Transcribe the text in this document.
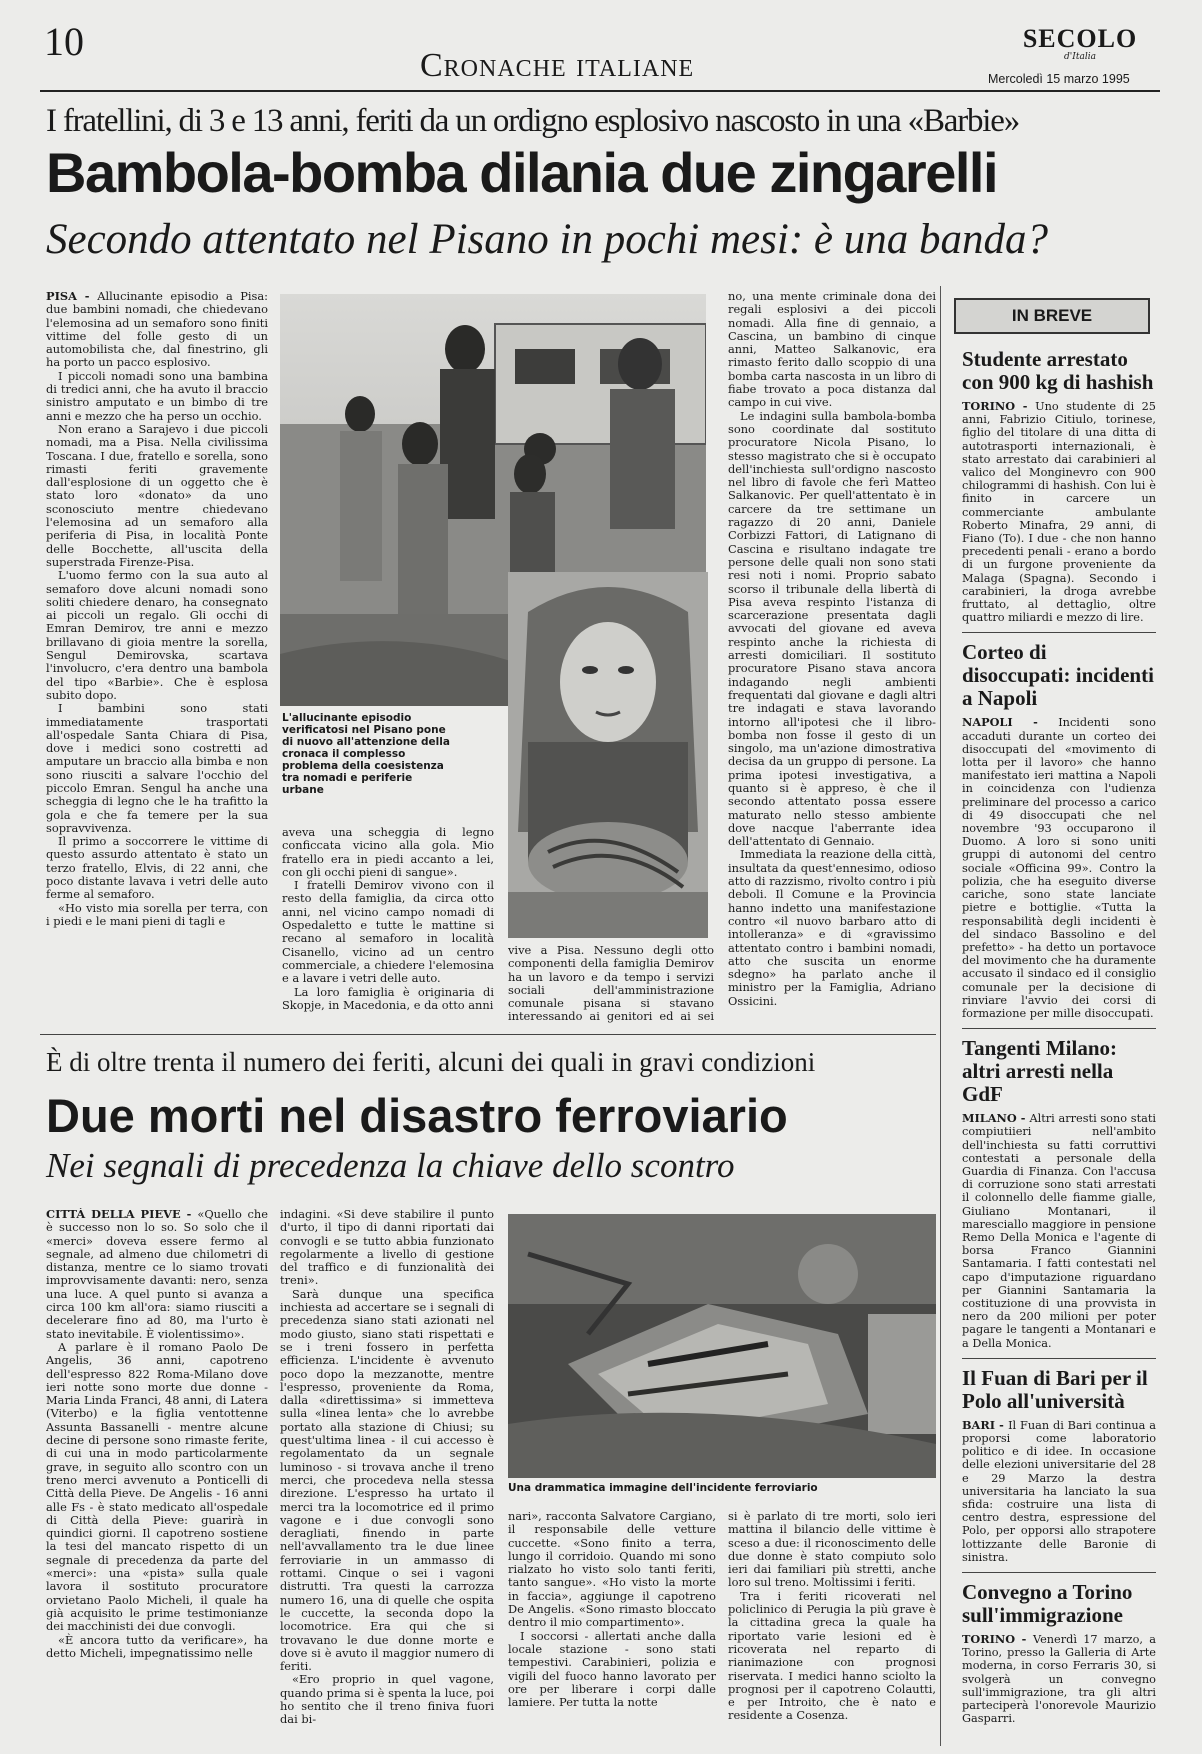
10
Cronache italiane
SECOLO
d'Italia
Mercoledì 15 marzo 1995
I fratellini, di 3 e 13 anni, feriti da un ordigno esplosivo nascosto in una «Barbie»
Bambola-bomba dilania due zingarelli
Secondo attentato nel Pisano in pochi mesi: è una banda?

PISA - Allucinante episodio a Pisa: due bambini nomadi, che chiedevano l'elemosina ad un semaforo sono finiti vittime del folle gesto di un automobilista che, dal finestrino, gli ha porto un pacco esplosivo.

I piccoli nomadi sono una bambina di tredici anni, che ha avuto il braccio sinistro amputato e un bimbo di tre anni e mezzo che ha perso un occhio.

Non erano a Sarajevo i due piccoli nomadi, ma a Pisa. Nella civilissima Toscana. I due, fratello e sorella, sono rimasti feriti gravemente dall'esplosione di un oggetto che è stato loro «donato» da uno sconosciuto mentre chiedevano l'elemosina ad un semaforo alla periferia di Pisa, in località Ponte delle Bocchette, all'uscita della superstrada Firenze-Pisa.

L'uomo fermo con la sua auto al semaforo dove alcuni nomadi sono soliti chiedere denaro, ha consegnato ai piccoli un regalo. Gli occhi di Emran Demirov, tre anni e mezzo brillavano di gioia mentre la sorella, Sengul Demirovska, scartava l'involucro, c'era dentro una bambola del tipo «Barbie». Che è esplosa subito dopo.

I bambini sono stati immediatamente trasportati all'ospedale Santa Chiara di Pisa, dove i medici sono costretti ad amputare un braccio alla bimba e non sono riusciti a salvare l'occhio del piccolo Emran. Sengul ha anche una scheggia di legno che le ha trafitto la gola e che fa temere per la sua sopravvivenza.

Il primo a soccorrere le vittime di questo assurdo attentato è stato un terzo fratello, Elvis, di 22 anni, che poco distante lavava i vetri delle auto ferme al semaforo.

«Ho visto mia sorella per terra, con i piedi e le mani pieni di tagli e

L'allucinante episodio verificatosi nel Pisano pone di nuovo all'attenzione della cronaca il complesso problema della coesistenza tra nomadi e periferie urbane

aveva una scheggia di legno conficcata vicino alla gola. Mio fratello era in piedi accanto a lei, con gli occhi pieni di sangue».

I fratelli Demirov vivono con il resto della famiglia, da circa otto anni, nel vicino campo nomadi di Ospedaletto e tutte le mattine si recano al semaforo in località Cisanello, vicino ad un centro commerciale, a chiedere l'elemosina e a lavare i vetri delle auto.

La loro famiglia è originaria di Skopje, in Macedonia, e da otto anni

vive a Pisa. Nessuno degli otto componenti della famiglia Demirov ha un lavoro e da tempo i servizi sociali dell'amministrazione comunale pisana si stavano interessando ai genitori ed ai sei

no, una mente criminale dona dei regali esplosivi a dei piccoli nomadi. Alla fine di gennaio, a Cascina, un bambino di cinque anni, Matteo Salkanovic, era rimasto ferito dallo scoppio di una bomba carta nascosta in un libro di fiabe trovato a poca distanza dal campo in cui vive.

Le indagini sulla bambola-bomba sono coordinate dal sostituto procuratore Nicola Pisano, lo stesso magistrato che si è occupato dell'inchiesta sull'ordigno nascosto nel libro di favole che ferì Matteo Salkanovic. Per quell'attentato è in carcere da tre settimane un ragazzo di 20 anni, Daniele Corbizzi Fattori, di Latignano di Cascina e risultano indagate tre persone delle quali non sono stati resi noti i nomi. Proprio sabato scorso il tribunale della libertà di Pisa aveva respinto l'istanza di scarcerazione presentata dagli avvocati del giovane ed aveva respinto anche la richiesta di arresti domiciliari. Il sostituto procuratore Pisano stava ancora indagando negli ambienti frequentati dal giovane e dagli altri tre indagati e stava lavorando intorno all'ipotesi che il libro-bomba non fosse il gesto di un singolo, ma un'azione dimostrativa decisa da un gruppo di persone. La prima ipotesi investigativa, a quanto si è appreso, è che il secondo attentato possa essere maturato nello stesso ambiente dove nacque l'aberrante idea dell'attentato di Gennaio.

Immediata la reazione della città, insultata da quest'ennesimo, odioso atto di razzismo, rivolto contro i più deboli. Il Comune e la Provincia hanno indetto una manifestazione contro «il nuovo barbaro atto di intolleranza» e di «gravissimo attentato contro i bambini nomadi, atto che suscita un enorme sdegno» ha parlato anche il ministro per la Famiglia, Adriano Ossicini.

È di oltre trenta il numero dei feriti, alcuni dei quali in gravi condizioni
Due morti nel disastro ferroviario
Nei segnali di precedenza la chiave dello scontro

CITTÀ DELLA PIEVE - «Quello che è successo non lo so. So solo che il «merci» doveva essere fermo al segnale, ad almeno due chilometri di distanza, mentre ce lo siamo trovati improvvisamente davanti: nero, senza una luce. A quel punto si avanza a circa 100 km all'ora: siamo riusciti a decelerare fino ad 80, ma l'urto è stato inevitabile. È violentissimo».

A parlare è il romano Paolo De Angelis, 36 anni, capotreno dell'espresso 822 Roma-Milano dove ieri notte sono morte due donne - Maria Linda Franci, 48 anni, di Latera (Viterbo) e la figlia ventottenne Assunta Bassanelli - mentre alcune decine di persone sono rimaste ferite, di cui una in modo particolarmente grave, in seguito allo scontro con un treno merci avvenuto a Ponticelli di Città della Pieve. De Angelis - 16 anni alle Fs - è stato medicato all'ospedale di Città della Pieve: guarirà in quindici giorni. Il capotreno sostiene la tesi del mancato rispetto di un segnale di precedenza da parte del «merci»: una «pista» sulla quale lavora il sostituto procuratore orvietano Paolo Micheli, il quale ha già acquisito le prime testimonianze dei macchinisti dei due convogli.

«È ancora tutto da verificare», ha detto Micheli, impegnatissimo nelle

indagini. «Si deve stabilire il punto d'urto, il tipo di danni riportati dai convogli e se tutto abbia funzionato regolarmente a livello di gestione del traffico e di funzionalità dei treni».

Sarà dunque una specifica inchiesta ad accertare se i segnali di precedenza siano stati azionati nel modo giusto, siano stati rispettati e se i treni fossero in perfetta efficienza. L'incidente è avvenuto poco dopo la mezzanotte, mentre l'espresso, proveniente da Roma, dalla «direttissima» si immetteva sulla «linea lenta» che lo avrebbe portato alla stazione di Chiusi; su quest'ultima linea - il cui accesso è regolamentato da un segnale luminoso - si trovava anche il treno merci, che procedeva nella stessa direzione. L'espresso ha urtato il merci tra la locomotrice ed il primo vagone e i due convogli sono deragliati, finendo in parte nell'avvallamento tra le due linee ferroviarie in un ammasso di rottami. Cinque o sei i vagoni distrutti. Tra questi la carrozza numero 16, una di quelle che ospita le cuccette, la seconda dopo la locomotrice. Era qui che si trovavano le due donne morte e dove si è avuto il maggior numero di feriti.

«Ero proprio in quel vagone, quando prima si è spenta la luce, poi ho sentito che il treno finiva fuori dai bi-

Una drammatica immagine dell'incidente ferroviario

nari», racconta Salvatore Cargiano, il responsabile delle vetture cuccette. «Sono finito a terra, lungo il corridoio. Quando mi sono rialzato ho visto solo tanti feriti, tanto sangue». «Ho visto la morte in faccia», aggiunge il capotreno De Angelis. «Sono rimasto bloccato dentro il mio compartimento».

I soccorsi - allertati anche dalla locale stazione - sono stati tempestivi. Carabinieri, polizia e vigili del fuoco hanno lavorato per ore per liberare i corpi dalle lamiere. Per tutta la notte

si è parlato di tre morti, solo ieri mattina il bilancio delle vittime è sceso a due: il riconoscimento delle due donne è stato compiuto solo ieri dai familiari più stretti, anche loro sul treno. Moltissimi i feriti.

Tra i feriti ricoverati nel policlinico di Perugia la più grave è la cittadina greca la quale ha riportato varie lesioni ed è ricoverata nel reparto di rianimazione con prognosi riservata. I medici hanno sciolto la prognosi per il capotreno Colautti, e per Introito, che è nato e residente a Cosenza.

IN BREVE
Studente arrestato con 900 kg di hashish
TORINO - Uno studente di 25 anni, Fabrizio Citiulo, torinese, figlio del titolare di una ditta di autotrasporti internazionali, è stato arrestato dai carabinieri al valico del Monginevro con 900 chilogrammi di hashish. Con lui è finito in carcere un commerciante ambulante Roberto Minafra, 29 anni, di Fiano (To). I due - che non hanno precedenti penali - erano a bordo di un furgone proveniente da Malaga (Spagna). Secondo i carabinieri, la droga avrebbe fruttato, al dettaglio, oltre quattro miliardi e mezzo di lire.
Corteo di disoccupati: incidenti a Napoli
NAPOLI - Incidenti sono accaduti durante un corteo dei disoccupati del «movimento di lotta per il lavoro» che hanno manifestato ieri mattina a Napoli in coincidenza con l'udienza preliminare del processo a carico di 49 disoccupati che nel novembre '93 occuparono il Duomo. A loro si sono uniti gruppi di autonomi del centro sociale «Officina 99». Contro la polizia, che ha eseguito diverse cariche, sono state lanciate pietre e bottiglie. «Tutta la responsabilità degli incidenti è del sindaco Bassolino e del prefetto» - ha detto un portavoce del movimento che ha duramente accusato il sindaco ed il consiglio comunale per la decisione di rinviare l'avvio dei corsi di formazione per mille disoccupati.
Tangenti Milano: altri arresti nella GdF
MILANO - Altri arresti sono stati compiutiieri nell'ambito dell'inchiesta su fatti corruttivi contestati a personale della Guardia di Finanza. Con l'accusa di corruzione sono stati arrestati il colonnello delle fiamme gialle, Giuliano Montanari, il maresciallo maggiore in pensione Remo Della Monica e l'agente di borsa Franco Giannini Santamaria. I fatti contestati nel capo d'imputazione riguardano per Giannini Santamaria la costituzione di una provvista in nero da 200 milioni per poter pagare le tangenti a Montanari e a Della Monica.
Il Fuan di Bari per il Polo all'università
BARI - Il Fuan di Bari continua a proporsi come laboratorio politico e di idee. In occasione delle elezioni universitarie del 28 e 29 Marzo la destra universitaria ha lanciato la sua sfida: costruire una lista di centro destra, espressione del Polo, per opporsi allo strapotere lottizzante delle Baronie di sinistra.
Convegno a Torino sull'immigrazione
TORINO - Venerdì 17 marzo, a Torino, presso la Galleria di Arte moderna, in corso Ferraris 30, si svolgerà un convegno sull'immigrazione, tra gli altri parteciperà l'onorevole Maurizio Gasparri.
